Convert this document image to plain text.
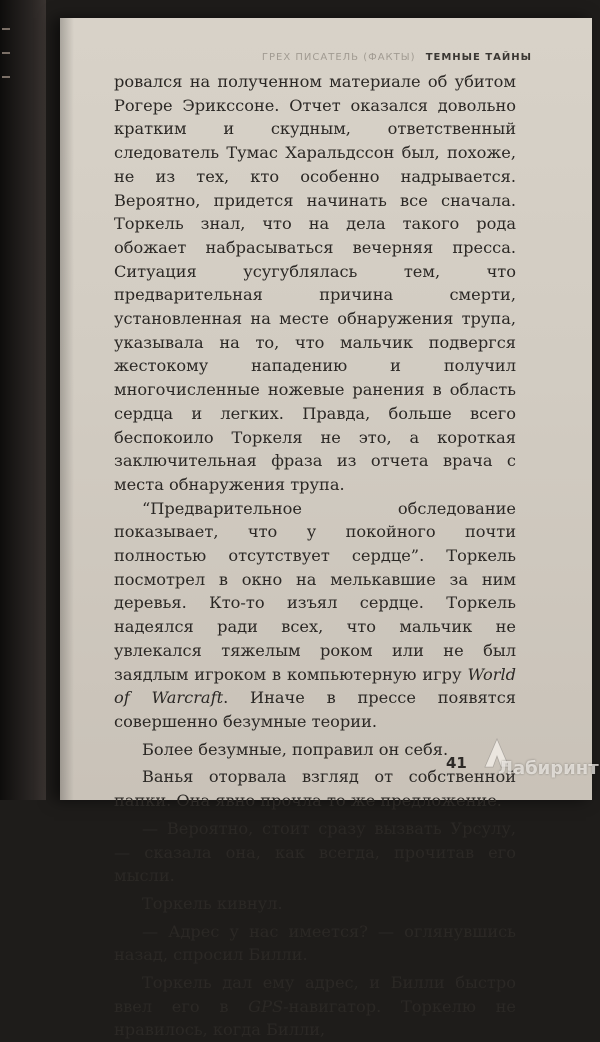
ГРЕХ ПИСАТЕЛЬ (ФАКТЫ) ТЕМНЫЕ ТАЙНЫ

ровался на полученном материале об убитом Рогере Эрикссоне. Отчет оказался довольно кратким и скудным, ответственный следователь Тумас Харальдссон был, похоже, не из тех, кто особенно надрывается. Вероятно, придется начинать все сначала. Торкель знал, что на дела такого рода обожает набрасываться вечерняя пресса. Ситуация усугублялась тем, что предварительная причина смерти, установленная на месте обнаружения трупа, указывала на то, что мальчик подвергся жестокому нападению и получил многочисленные ножевые ранения в область сердца и легких. Правда, больше всего беспокоило Торкеля не это, а короткая заключительная фраза из отчета врача с места обнаружения трупа.

“Предварительное обследование показывает, что у покойного почти полностью отсутствует сердце”. Торкель посмотрел в окно на мелькавшие за ним деревья. Кто-то изъял сердце. Торкель надеялся ради всех, что мальчик не увлекался тяжелым роком или не был заядлым игроком в компьютерную игру World of Warcraft. Иначе в прессе появятся совершенно безумные теории.

Более безумные, поправил он себя.

Ванья оторвала взгляд от собственной папки. Она явно прочла то же предложение.

— Вероятно, стоит сразу вызвать Урсулу, — сказала она, как всегда, прочитав его мысли.

Торкель кивнул.

— Адрес у нас имеется? — оглянувшись назад, спросил Билли.

Торкель дал ему адрес, и Билли быстро ввел его в GPS-навигатор. Торкелю не нравилось, когда Билли,

41 Лабиринт
